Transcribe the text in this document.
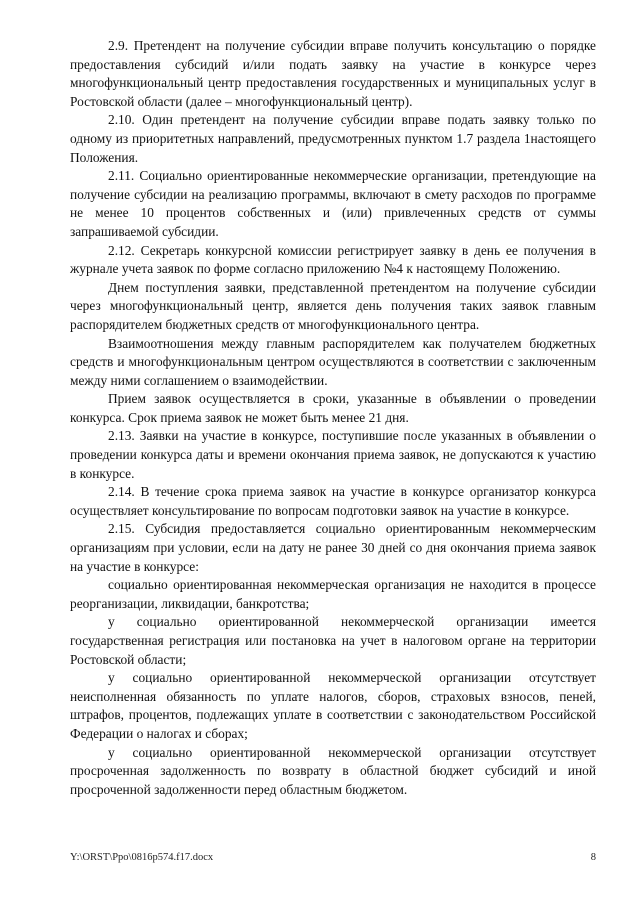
2.9. Претендент на получение субсидии вправе получить консультацию о порядке предоставления субсидий и/или подать заявку на участие в конкурсе через многофункциональный центр предоставления государственных и муниципальных услуг в Ростовской области (далее – многофункциональный центр).

2.10. Один претендент на получение субсидии вправе подать заявку только по одному из приоритетных направлений, предусмотренных пунктом 1.7 раздела 1настоящего Положения.

2.11. Социально ориентированные некоммерческие организации, претендующие на получение субсидии на реализацию программы, включают в смету расходов по программе не менее 10 процентов собственных и (или) привлеченных средств от суммы запрашиваемой субсидии.

2.12. Секретарь конкурсной комиссии регистрирует заявку в день ее получения в журнале учета заявок по форме согласно приложению №4 к настоящему Положению.

Днем поступления заявки, представленной претендентом на получение субсидии через многофункциональный центр, является день получения таких заявок главным распорядителем бюджетных средств от многофункционального центра.

Взаимоотношения между главным распорядителем как получателем бюджетных средств и многофункциональным центром осуществляются в соответствии с заключенным между ними соглашением о взаимодействии.

Прием заявок осуществляется в сроки, указанные в объявлении о проведении конкурса. Срок приема заявок не может быть менее 21 дня.

2.13. Заявки на участие в конкурсе, поступившие после указанных в объявлении о проведении конкурса даты и времени окончания приема заявок, не допускаются к участию в конкурсе.

2.14. В течение срока приема заявок на участие в конкурсе организатор конкурса осуществляет консультирование по вопросам подготовки заявок на участие в конкурсе.

2.15. Субсидия предоставляется социально ориентированным некоммерческим организациям при условии, если на дату не ранее 30 дней со дня окончания приема заявок на участие в конкурсе:

социально ориентированная некоммерческая организация не находится в процессе реорганизации, ликвидации, банкротства;

у социально ориентированной некоммерческой организации имеется государственная регистрация или постановка на учет в налоговом органе на территории Ростовской области;

у социально ориентированной некоммерческой организации отсутствует неисполненная обязанность по уплате налогов, сборов, страховых взносов, пеней, штрафов, процентов, подлежащих уплате в соответствии с законодательством Российской Федерации о налогах и сборах;

у социально ориентированной некоммерческой организации отсутствует просроченная задолженность по возврату в областной бюджет субсидий и иной просроченной задолженности перед областным бюджетом.

Y:\ORST\Ppo\0816p574.f17.docx	8
